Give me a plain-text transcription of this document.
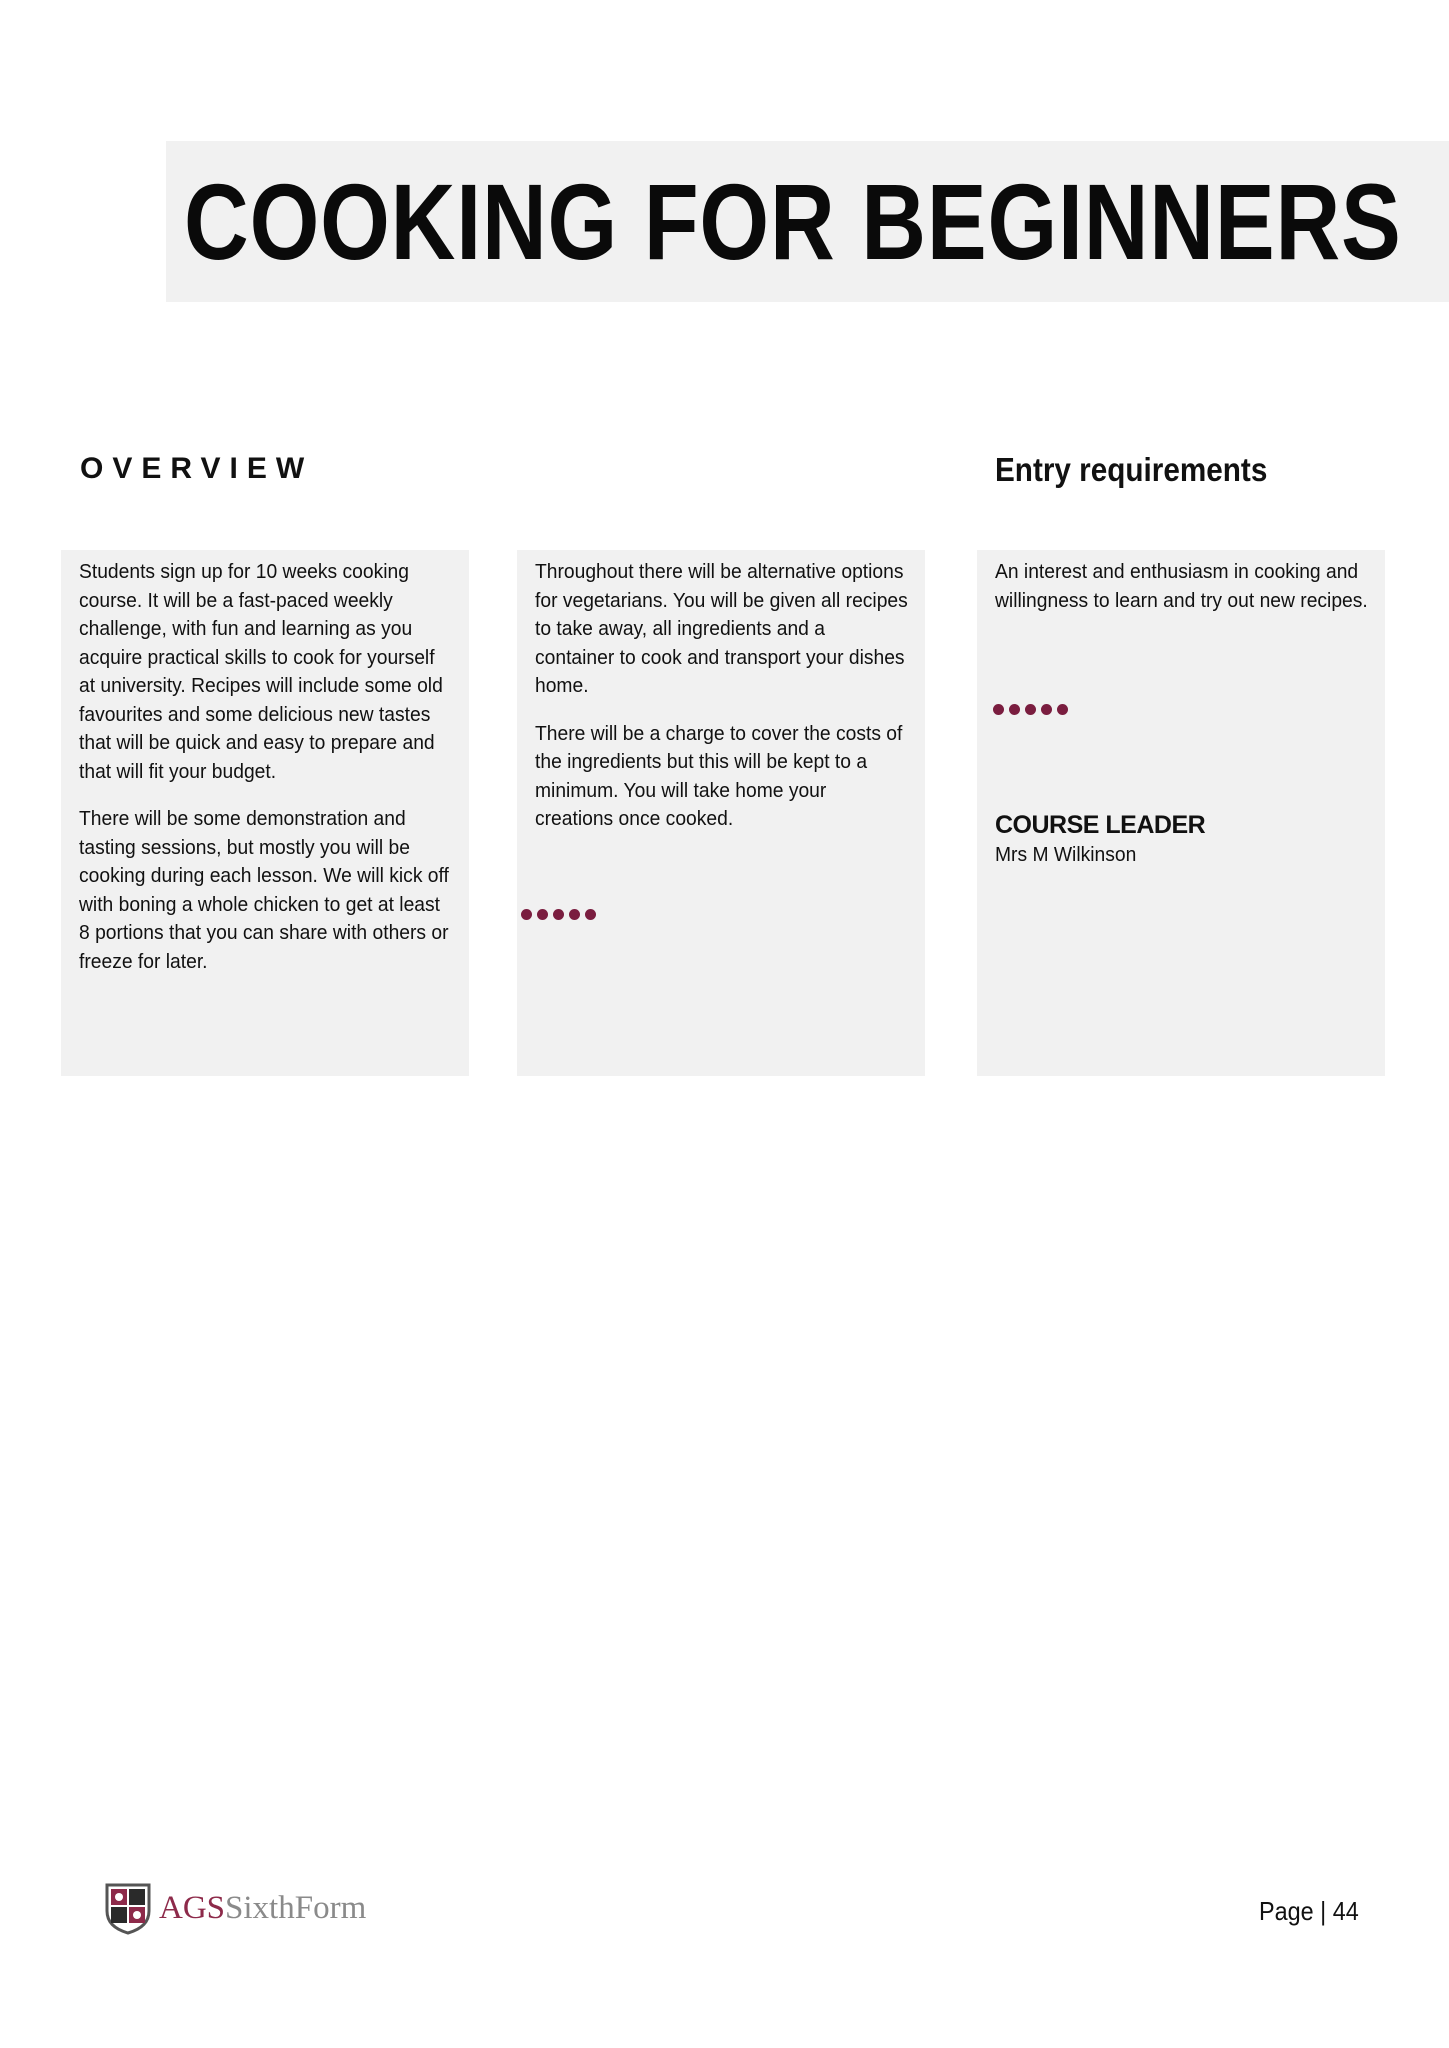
COOKING FOR BEGINNERS
OVERVIEW	Entry requirements

Students sign up for 10 weeks cooking course. It will be a fast-paced weekly challenge, with fun and learning as you acquire practical skills to cook for yourself at university. Recipes will include some old favourites and some delicious new tastes that will be quick and easy to prepare and that will fit your budget.

There will be some demonstration and tasting sessions, but mostly you will be cooking during each lesson. We will kick off with boning a whole chicken to get at least 8 portions that you can share with others or freeze for later.

Throughout there will be alternative options for vegetarians. You will be given all recipes to take away, all ingredients and a container to cook and transport your dishes home.

There will be a charge to cover the costs of the ingredients but this will be kept to a minimum. You will take home your creations once cooked.

An interest and enthusiasm in cooking and willingness to learn and try out new recipes.

COURSE LEADER
Mrs M Wilkinson
AGSSixthForm	Page | 44
